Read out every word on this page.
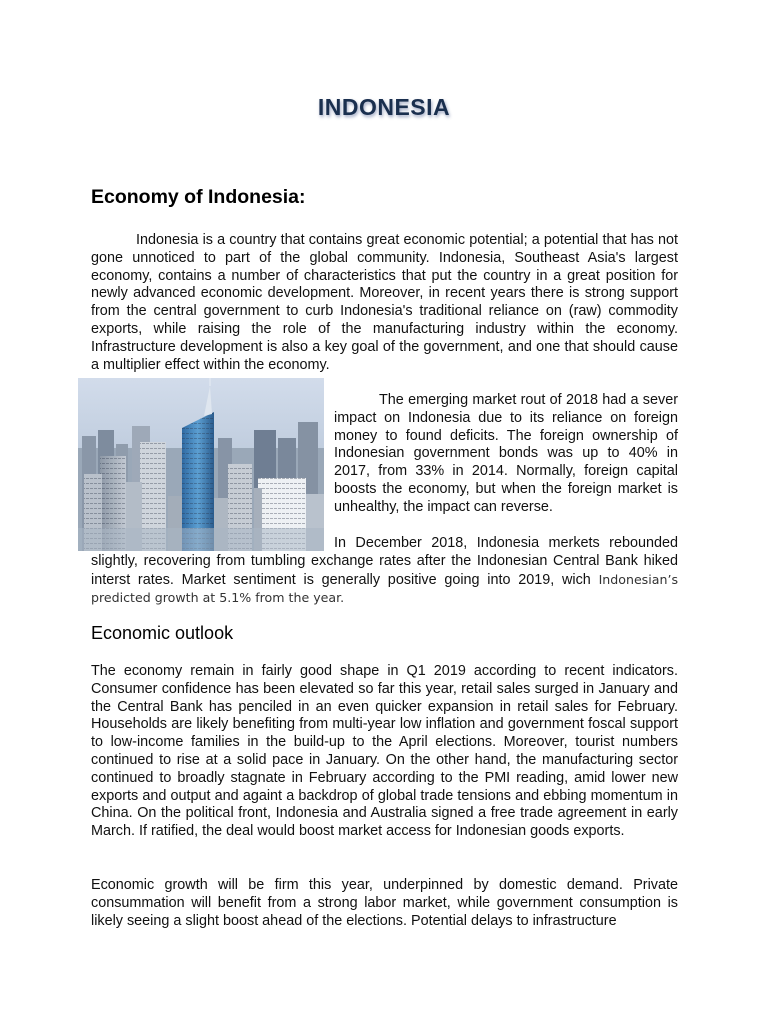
INDONESIA
Economy of Indonesia:

Indonesia is a country that contains great economic potential; a potential that has not gone unnoticed to part of the global community. Indonesia, Southeast Asia's largest economy, contains a number of characteristics that put the country in a great position for newly advanced economic development. Moreover, in recent years there is strong support from the central government to curb Indonesia's traditional reliance on (raw) commodity exports, while raising the role of the manufacturing industry within the economy. Infrastructure development is also a key goal of the government, and one that should cause a multiplier effect within the economy.

The emerging market rout of 2018 had a sever impact on Indonesia due to its reliance on foreign money to found deficits. The foreign ownership of Indonesian government bonds was up to 40% in 2017, from 33% in 2014. Normally, foreign capital boosts the economy, but when the foreign market is unhealthy, the impact can reverse.

In December 2018, Indonesia merkets rebounded slightly, recovering from tumbling exchange rates after the Indonesian Central Bank hiked interst rates. Market sentiment is generally positive going into 2019, wich Indonesian’s predicted growth at 5.1% from the year.

Economic outlook

The economy remain in fairly good shape in Q1 2019 according to recent indicators. Consumer confidence has been elevated so far this year, retail sales surged in January and the Central Bank has penciled in an even quicker expansion in retail sales for February. Households are likely benefiting from multi-year low inflation and government foscal support to low-income families in the build-up to the April elections. Moreover, tourist numbers continued to rise at a solid pace in January. On the other hand, the manufacturing sector continued to broadly stagnate in February according to the PMI reading, amid lower new exports and output and againt a backdrop of global trade tensions and ebbing momentum in China. On the political front, Indonesia and Australia signed a free trade agreement in early March. If ratified, the deal would boost market access for Indonesian goods exports.

Economic growth will be firm this year, underpinned by domestic demand. Private consummation will benefit from a strong labor market, while government consumption is likely seeing a slight boost ahead of the elections. Potential delays to infrastructure
